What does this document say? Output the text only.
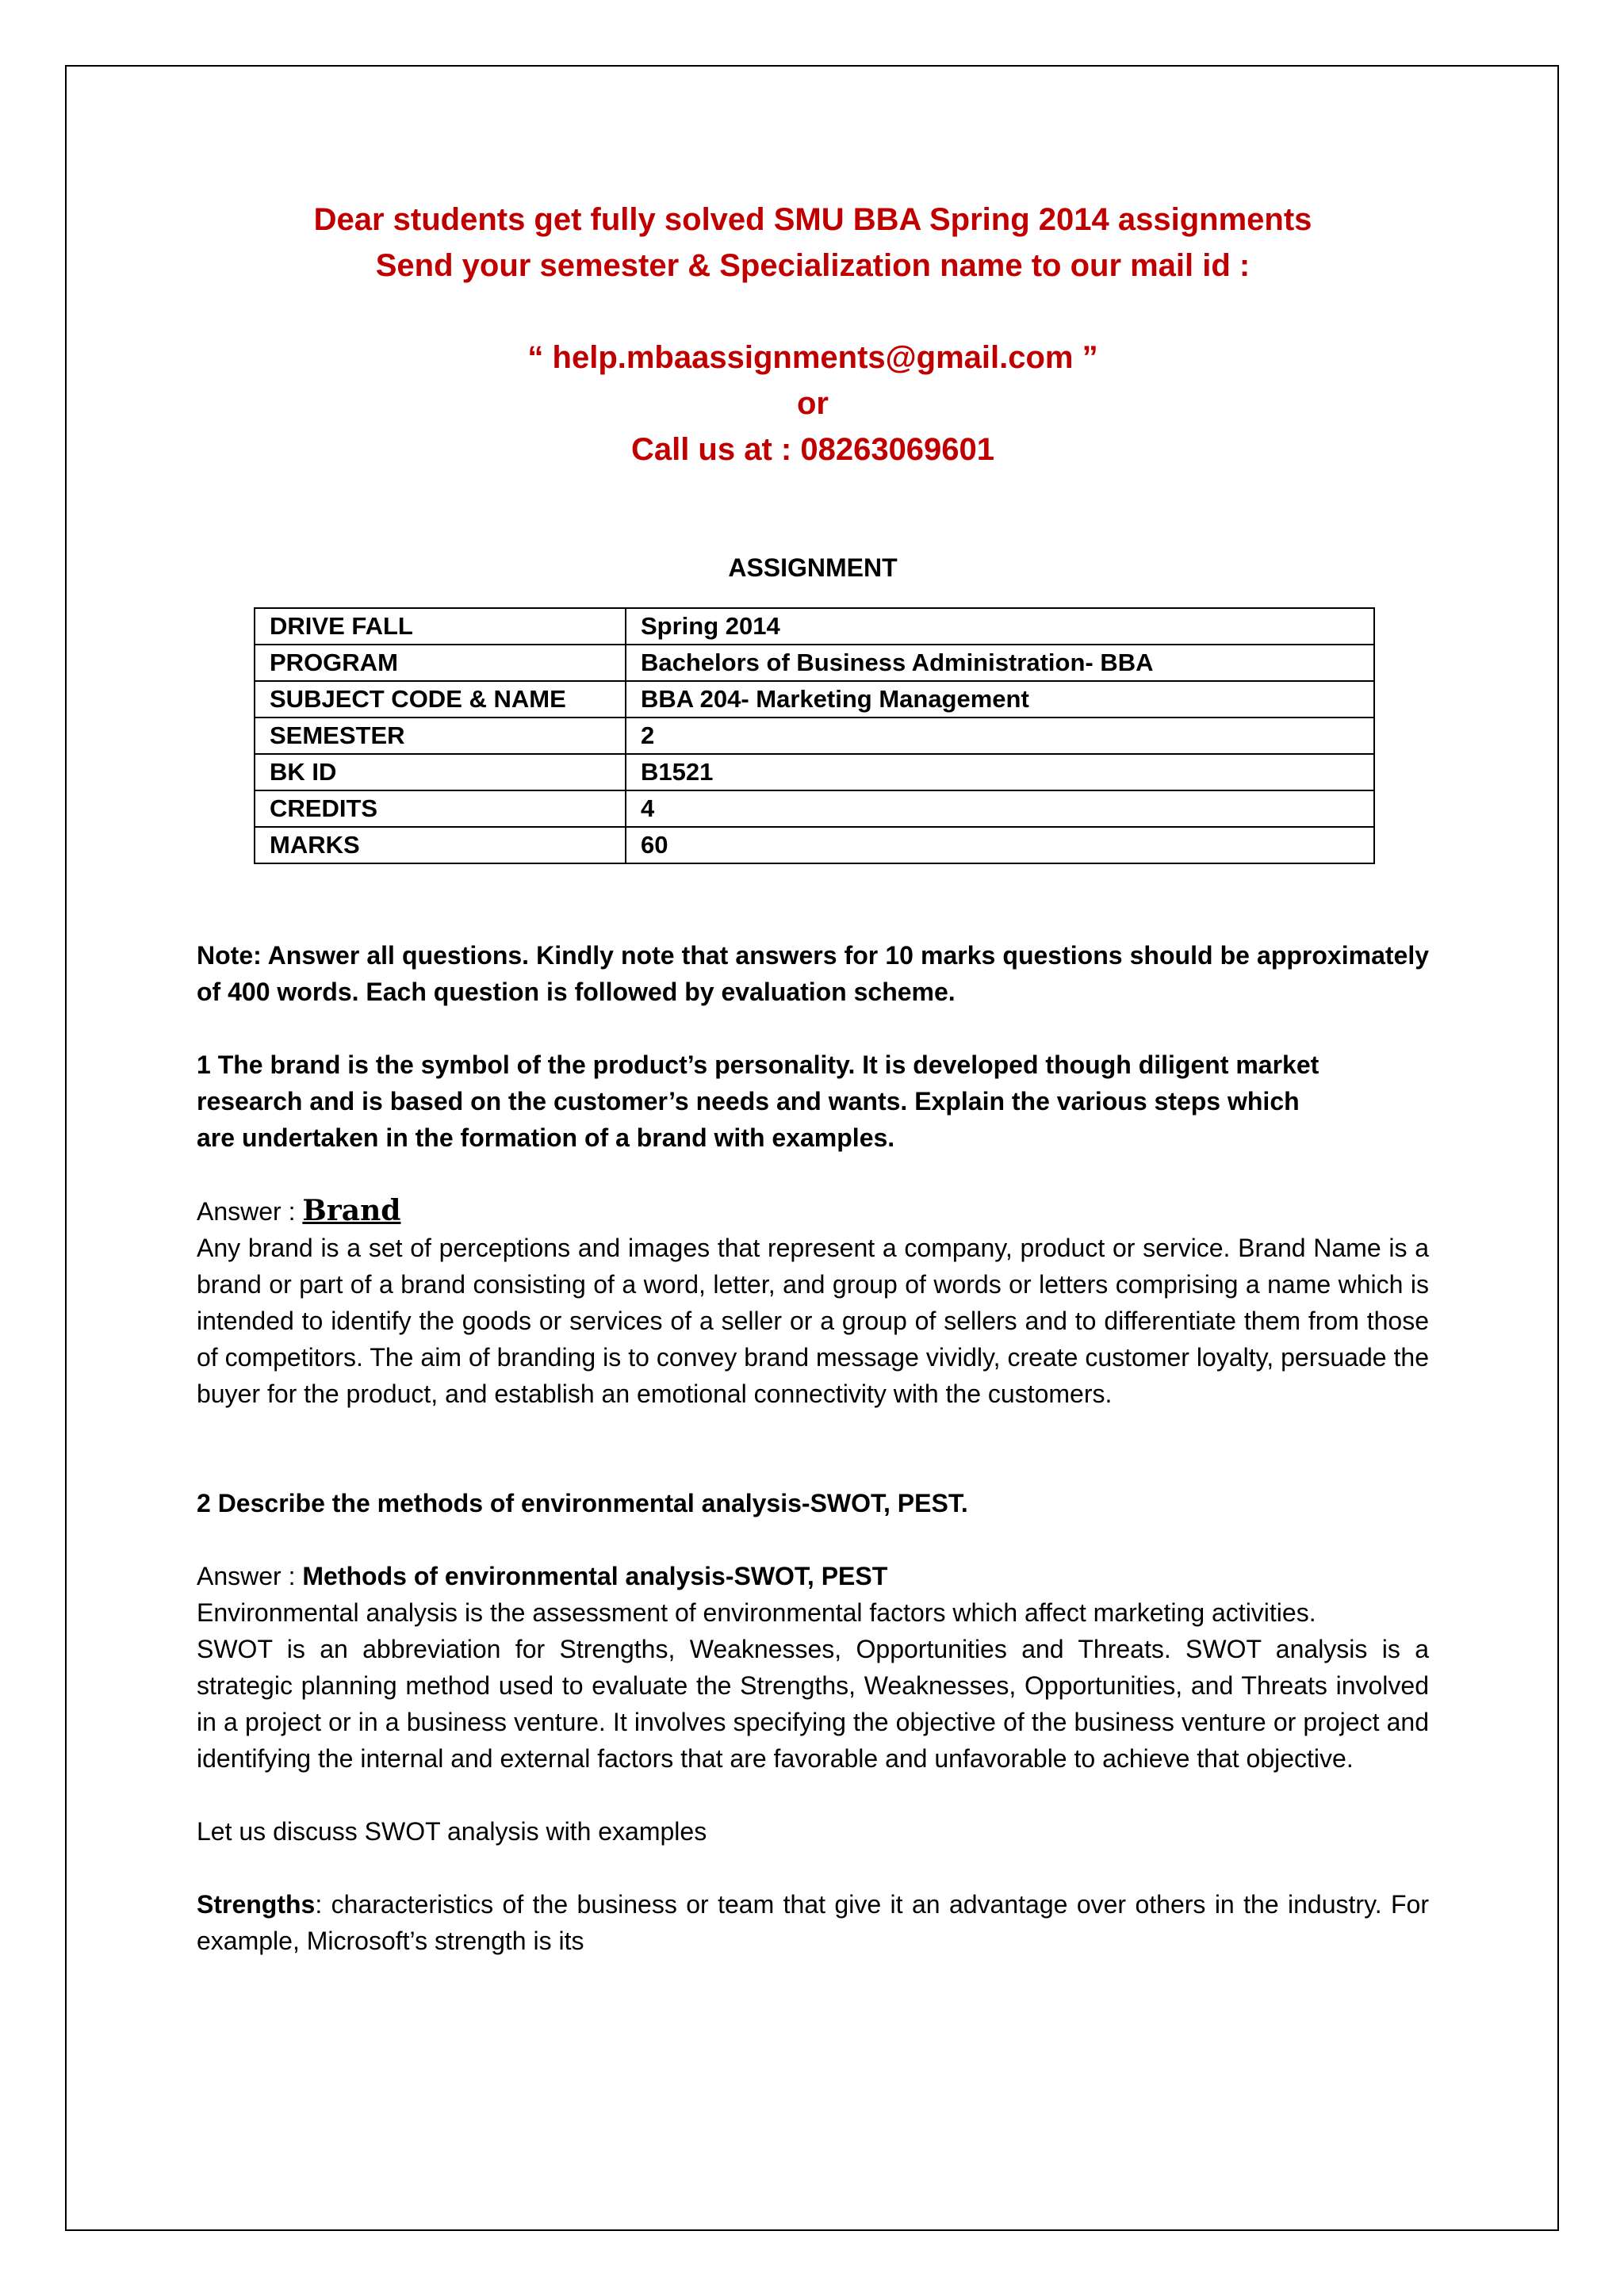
Dear students get fully solved SMU BBA Spring 2014 assignments
Send your semester & Specialization name to our mail id :
“ help.mbaassignments@gmail.com ”
or
Call us at : 08263069601
ASSIGNMENT
DRIVE FALL	Spring 2014
PROGRAM	Bachelors of Business Administration- BBA
SUBJECT CODE & NAME	BBA 204- Marketing Management
SEMESTER	2
BK ID	B1521
CREDITS	4
MARKS	60

Note: Answer all questions. Kindly note that answers for 10 marks questions should be approximately of 400 words. Each question is followed by evaluation scheme.

1 The brand is the symbol of the product’s personality. It is developed though diligent market
research and is based on the customer’s needs and wants. Explain the various steps which
are undertaken in the formation of a brand with examples.
Answer : Brand

Any brand is a set of perceptions and images that represent a company, product or service. Brand Name is a brand or part of a brand consisting of a word, letter, and group of words or letters comprising a name which is intended to identify the goods or services of a seller or a group of sellers and to differentiate them from those of competitors. The aim of branding is to convey brand message vividly, create customer loyalty, persuade the buyer for the product, and establish an emotional connectivity with the customers.

2 Describe the methods of environmental analysis-SWOT, PEST.

Answer : Methods of environmental analysis-SWOT, PEST
Environmental analysis is the assessment of environmental factors which affect marketing activities.

SWOT is an abbreviation for Strengths, Weaknesses, Opportunities and Threats. SWOT analysis is a strategic planning method used to evaluate the Strengths, Weaknesses, Opportunities, and Threats involved in a project or in a business venture. It involves specifying the objective of the business venture or project and identifying the internal and external factors that are favorable and unfavorable to achieve that objective.

Let us discuss SWOT analysis with examples

Strengths: characteristics of the business or team that give it an advantage over others in the industry. For example, Microsoft’s strength is its
